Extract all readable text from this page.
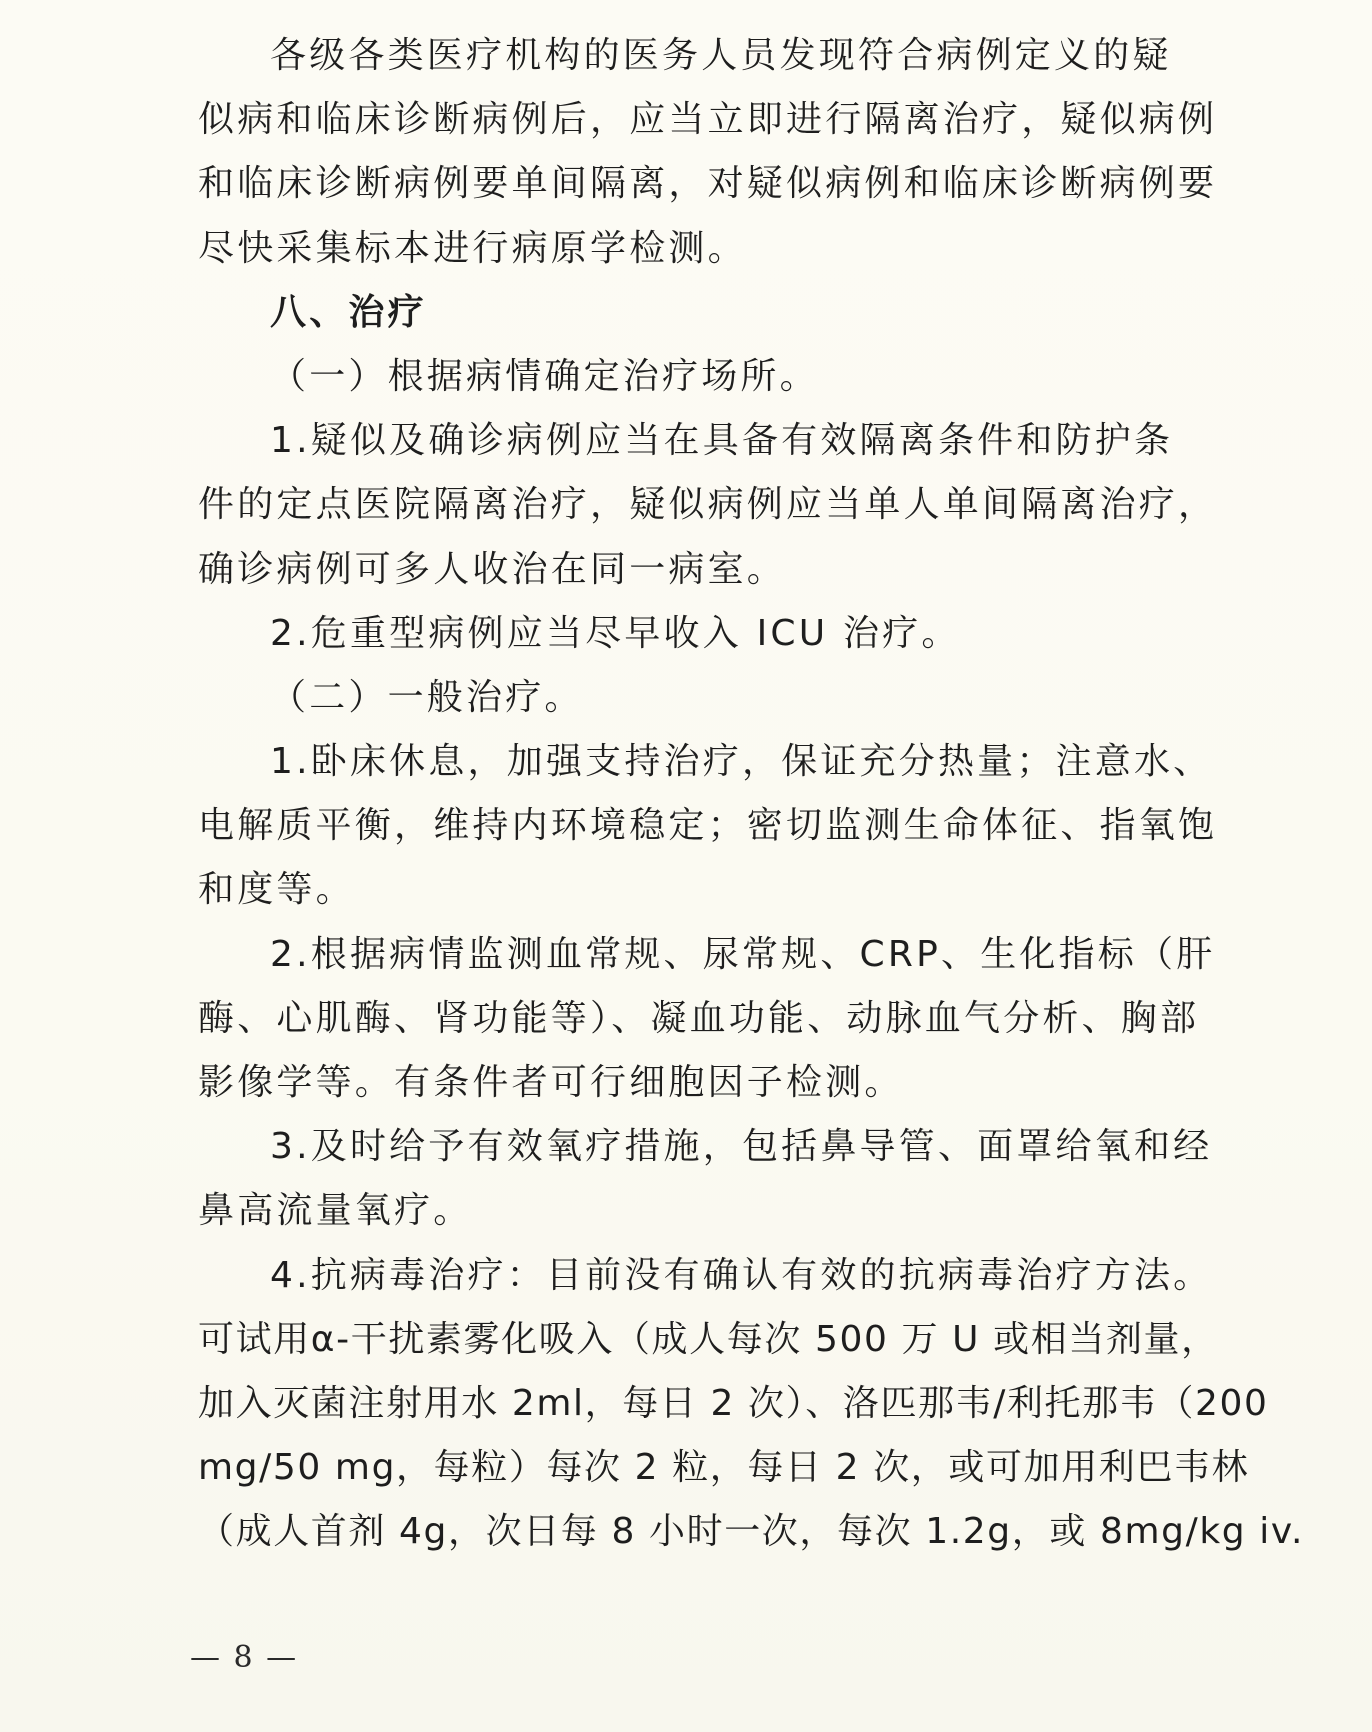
各级各类医疗机构的医务人员发现符合病例定义的疑
似病和临床诊断病例后，应当立即进行隔离治疗，疑似病例
和临床诊断病例要单间隔离，对疑似病例和临床诊断病例要
尽快采集标本进行病原学检测。
八、治疗
（一）根据病情确定治疗场所。
1.疑似及确诊病例应当在具备有效隔离条件和防护条
件的定点医院隔离治疗，疑似病例应当单人单间隔离治疗，
确诊病例可多人收治在同一病室。
2.危重型病例应当尽早收入 ICU 治疗。
（二）一般治疗。
1.卧床休息，加强支持治疗，保证充分热量；注意水、
电解质平衡，维持内环境稳定；密切监测生命体征、指氧饱
和度等。
2.根据病情监测血常规、尿常规、CRP、生化指标（肝
酶、心肌酶、肾功能等）、凝血功能、动脉血气分析、胸部
影像学等。有条件者可行细胞因子检测。
3.及时给予有效氧疗措施，包括鼻导管、面罩给氧和经
鼻高流量氧疗。
4.抗病毒治疗：目前没有确认有效的抗病毒治疗方法。
可试用α-干扰素雾化吸入（成人每次 500 万 U 或相当剂量，
加入灭菌注射用水 2ml，每日 2 次）、洛匹那韦/利托那韦（200
mg/50 mg，每粒）每次 2 粒，每日 2 次，或可加用利巴韦林
（成人首剂 4g，次日每 8 小时一次，每次 1.2g，或 8mg/kg iv.
— 8 —
